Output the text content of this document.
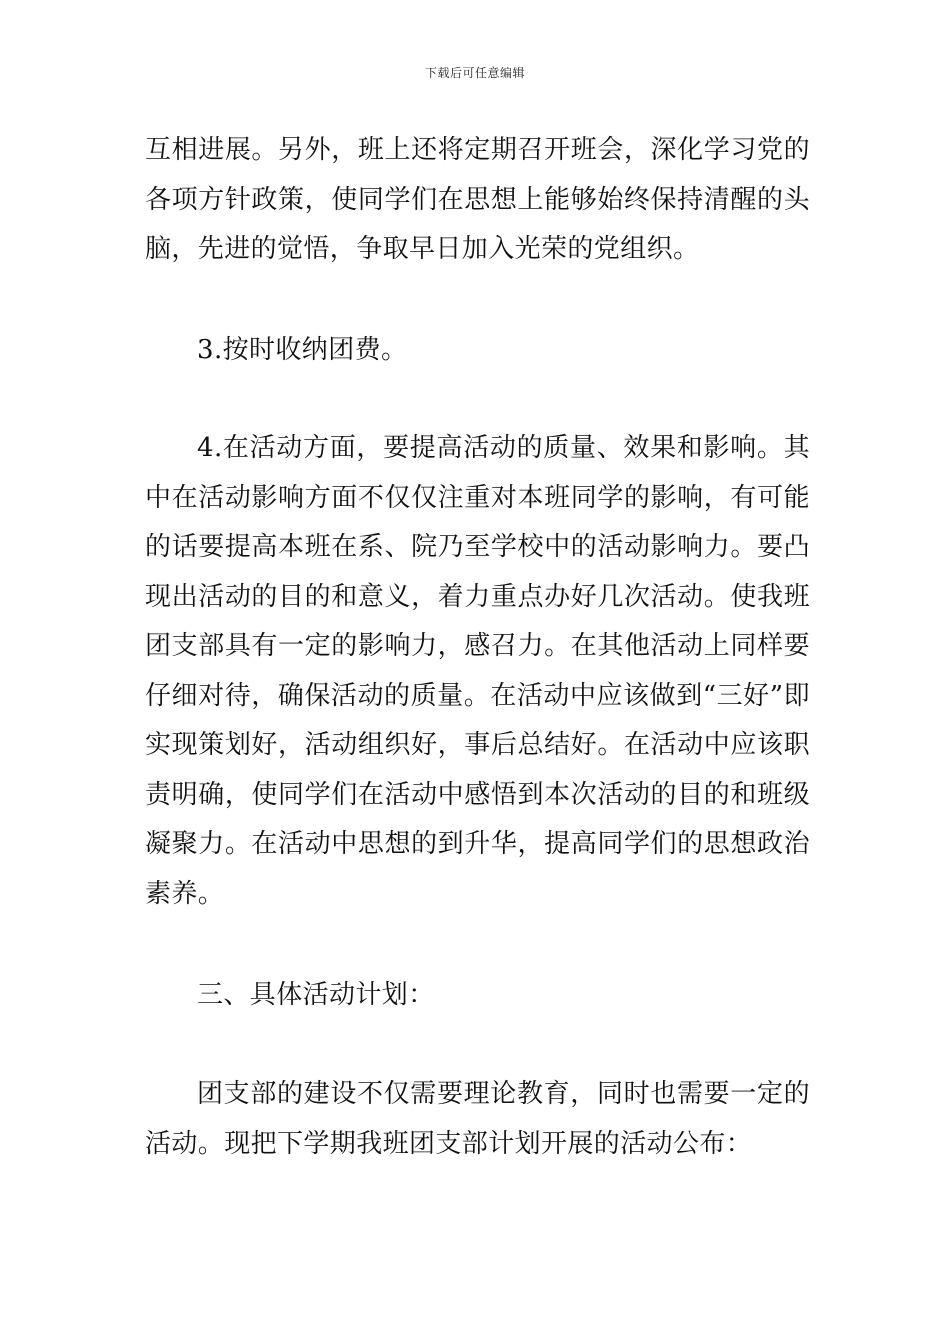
下载后可任意编辑

互相进展。另外，班上还将定期召开班会，深化学习党的各项方针政策，使同学们在思想上能够始终保持清醒的头脑，先进的觉悟，争取早日加入光荣的党组织。

3.按时收纳团费。

4.在活动方面，要提高活动的质量、效果和影响。其中在活动影响方面不仅仅注重对本班同学的影响，有可能的话要提高本班在系、院乃至学校中的活动影响力。要凸现出活动的目的和意义，着力重点办好几次活动。使我班团支部具有一定的影响力，感召力。在其他活动上同样要仔细对待，确保活动的质量。在活动中应该做到“三好”即实现策划好，活动组织好，事后总结好。在活动中应该职责明确，使同学们在活动中感悟到本次活动的目的和班级凝聚力。在活动中思想的到升华，提高同学们的思想政治素养。

三、具体活动计划：

团支部的建设不仅需要理论教育，同时也需要一定的活动。现把下学期我班团支部计划开展的活动公布：
